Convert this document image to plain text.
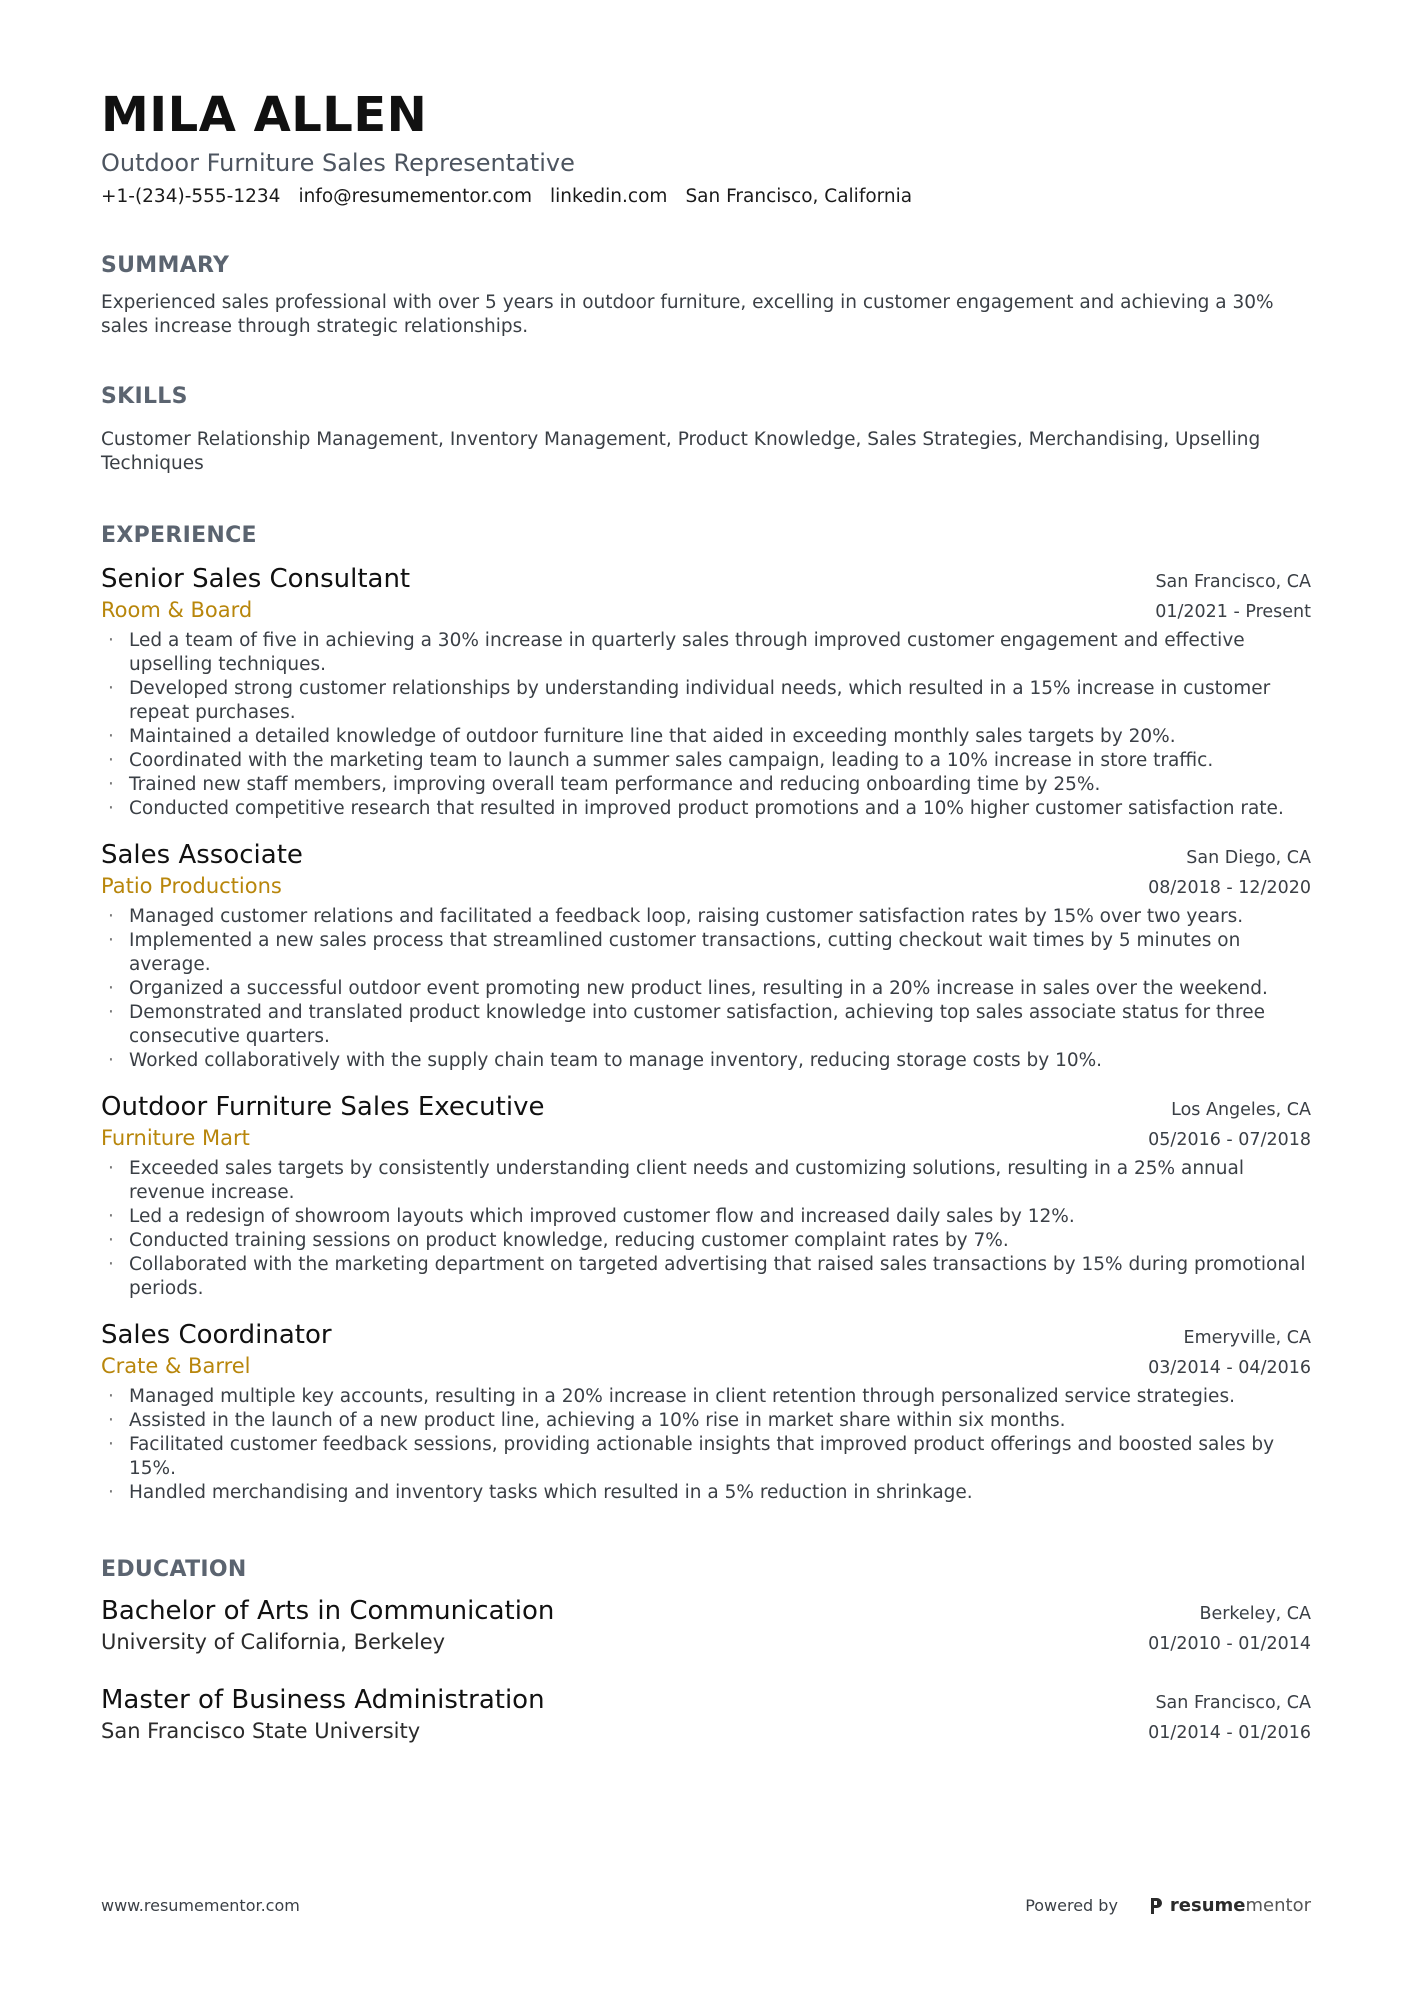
MILA ALLEN
Outdoor Furniture Sales Representative
+1-(234)-555-1234 info@resumementor.com linkedin.com San Francisco, California
SUMMARY
Experienced sales professional with over 5 years in outdoor furniture, excelling in customer engagement and achieving a 30% sales increase through strategic relationships.
SKILLS
Customer Relationship Management, Inventory Management, Product Knowledge, Sales Strategies, Merchandising, Upselling Techniques
EXPERIENCE
Senior Sales Consultant	San Francisco, CA
Room & Board	01/2021 - Present
· Led a team of five in achieving a 30% increase in quarterly sales through improved customer engagement and effective upselling techniques.
· Developed strong customer relationships by understanding individual needs, which resulted in a 15% increase in customer repeat purchases.
· Maintained a detailed knowledge of outdoor furniture line that aided in exceeding monthly sales targets by 20%.
· Coordinated with the marketing team to launch a summer sales campaign, leading to a 10% increase in store traffic.
· Trained new staff members, improving overall team performance and reducing onboarding time by 25%.
· Conducted competitive research that resulted in improved product promotions and a 10% higher customer satisfaction rate.
Sales Associate	San Diego, CA
Patio Productions	08/2018 - 12/2020
· Managed customer relations and facilitated a feedback loop, raising customer satisfaction rates by 15% over two years.
· Implemented a new sales process that streamlined customer transactions, cutting checkout wait times by 5 minutes on average.
· Organized a successful outdoor event promoting new product lines, resulting in a 20% increase in sales over the weekend.
· Demonstrated and translated product knowledge into customer satisfaction, achieving top sales associate status for three consecutive quarters.
· Worked collaboratively with the supply chain team to manage inventory, reducing storage costs by 10%.
Outdoor Furniture Sales Executive	Los Angeles, CA
Furniture Mart	05/2016 - 07/2018
· Exceeded sales targets by consistently understanding client needs and customizing solutions, resulting in a 25% annual revenue increase.
· Led a redesign of showroom layouts which improved customer flow and increased daily sales by 12%.
· Conducted training sessions on product knowledge, reducing customer complaint rates by 7%.
· Collaborated with the marketing department on targeted advertising that raised sales transactions by 15% during promotional periods.
Sales Coordinator	Emeryville, CA
Crate & Barrel	03/2014 - 04/2016
· Managed multiple key accounts, resulting in a 20% increase in client retention through personalized service strategies.
· Assisted in the launch of a new product line, achieving a 10% rise in market share within six months.
· Facilitated customer feedback sessions, providing actionable insights that improved product offerings and boosted sales by 15%.
· Handled merchandising and inventory tasks which resulted in a 5% reduction in shrinkage.
EDUCATION
Bachelor of Arts in Communication	Berkeley, CA
University of California, Berkeley	01/2010 - 01/2014
Master of Business Administration	San Francisco, CA
San Francisco State University	01/2014 - 01/2016
www.resumementor.com	Powered by	resumementor
